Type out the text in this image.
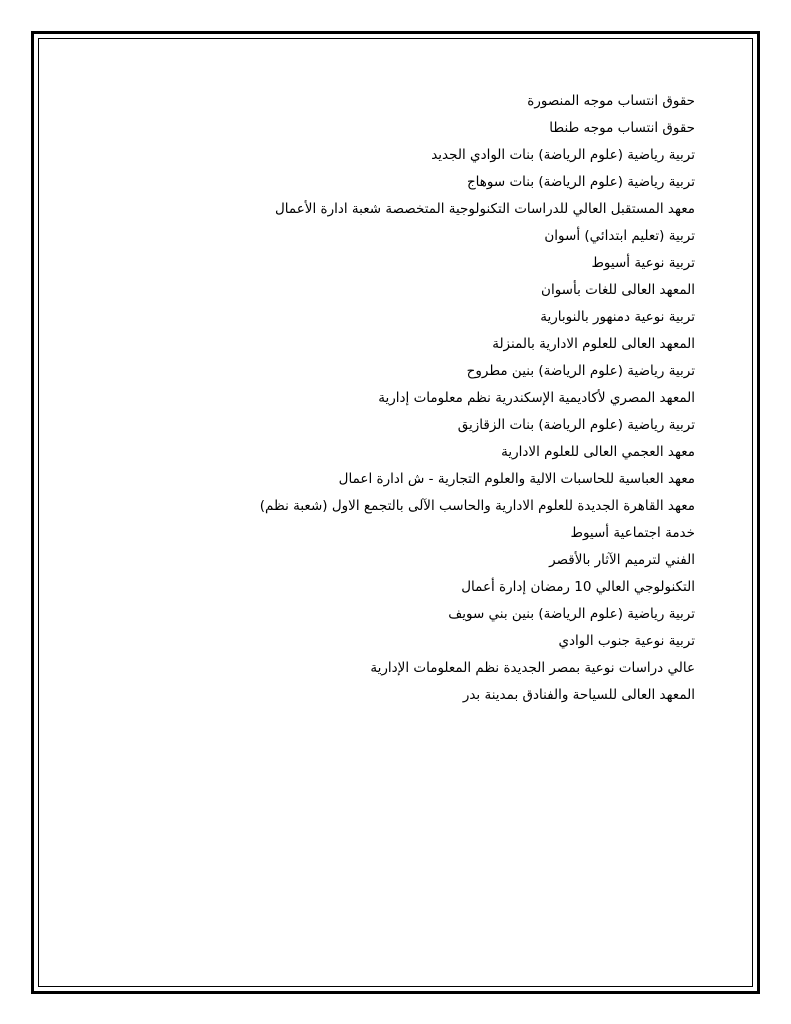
حقوق انتساب موجه المنصورة
حقوق انتساب موجه طنطا
تربية رياضية (علوم الرياضة) بنات الوادي الجديد
تربية رياضية (علوم الرياضة) بنات سوهاج
معهد المستقبل العالي للدراسات التكنولوجية المتخصصة شعبة ادارة الأعمال
تربية (تعليم ابتدائي) أسوان
تربية نوعية أسيوط
المعهد العالى للغات بأسوان
تربية نوعية دمنهور بالنوبارية
المعهد العالى للعلوم الادارية بالمنزلة
تربية رياضية (علوم الرياضة) بنين مطروح
المعهد المصري لأكاديمية الإسكندرية نظم معلومات إدارية
تربية رياضية (علوم الرياضة) بنات الزقازيق
معهد العجمي العالى للعلوم الادارية
معهد العباسية للحاسبات الالية والعلوم التجارية - ش ادارة اعمال
معهد القاهرة الجديدة للعلوم الادارية والحاسب الآلى بالتجمع الاول (شعبة نظم)
خدمة اجتماعية أسيوط
الفني لترميم الآثار بالأقصر
التكنولوجي العالي 10 رمضان إدارة أعمال
تربية رياضية (علوم الرياضة) بنين بني سويف
تربية نوعية جنوب الوادي
عالي دراسات نوعية بمصر الجديدة نظم المعلومات الإدارية
المعهد العالى للسياحة والفنادق بمدينة بدر
